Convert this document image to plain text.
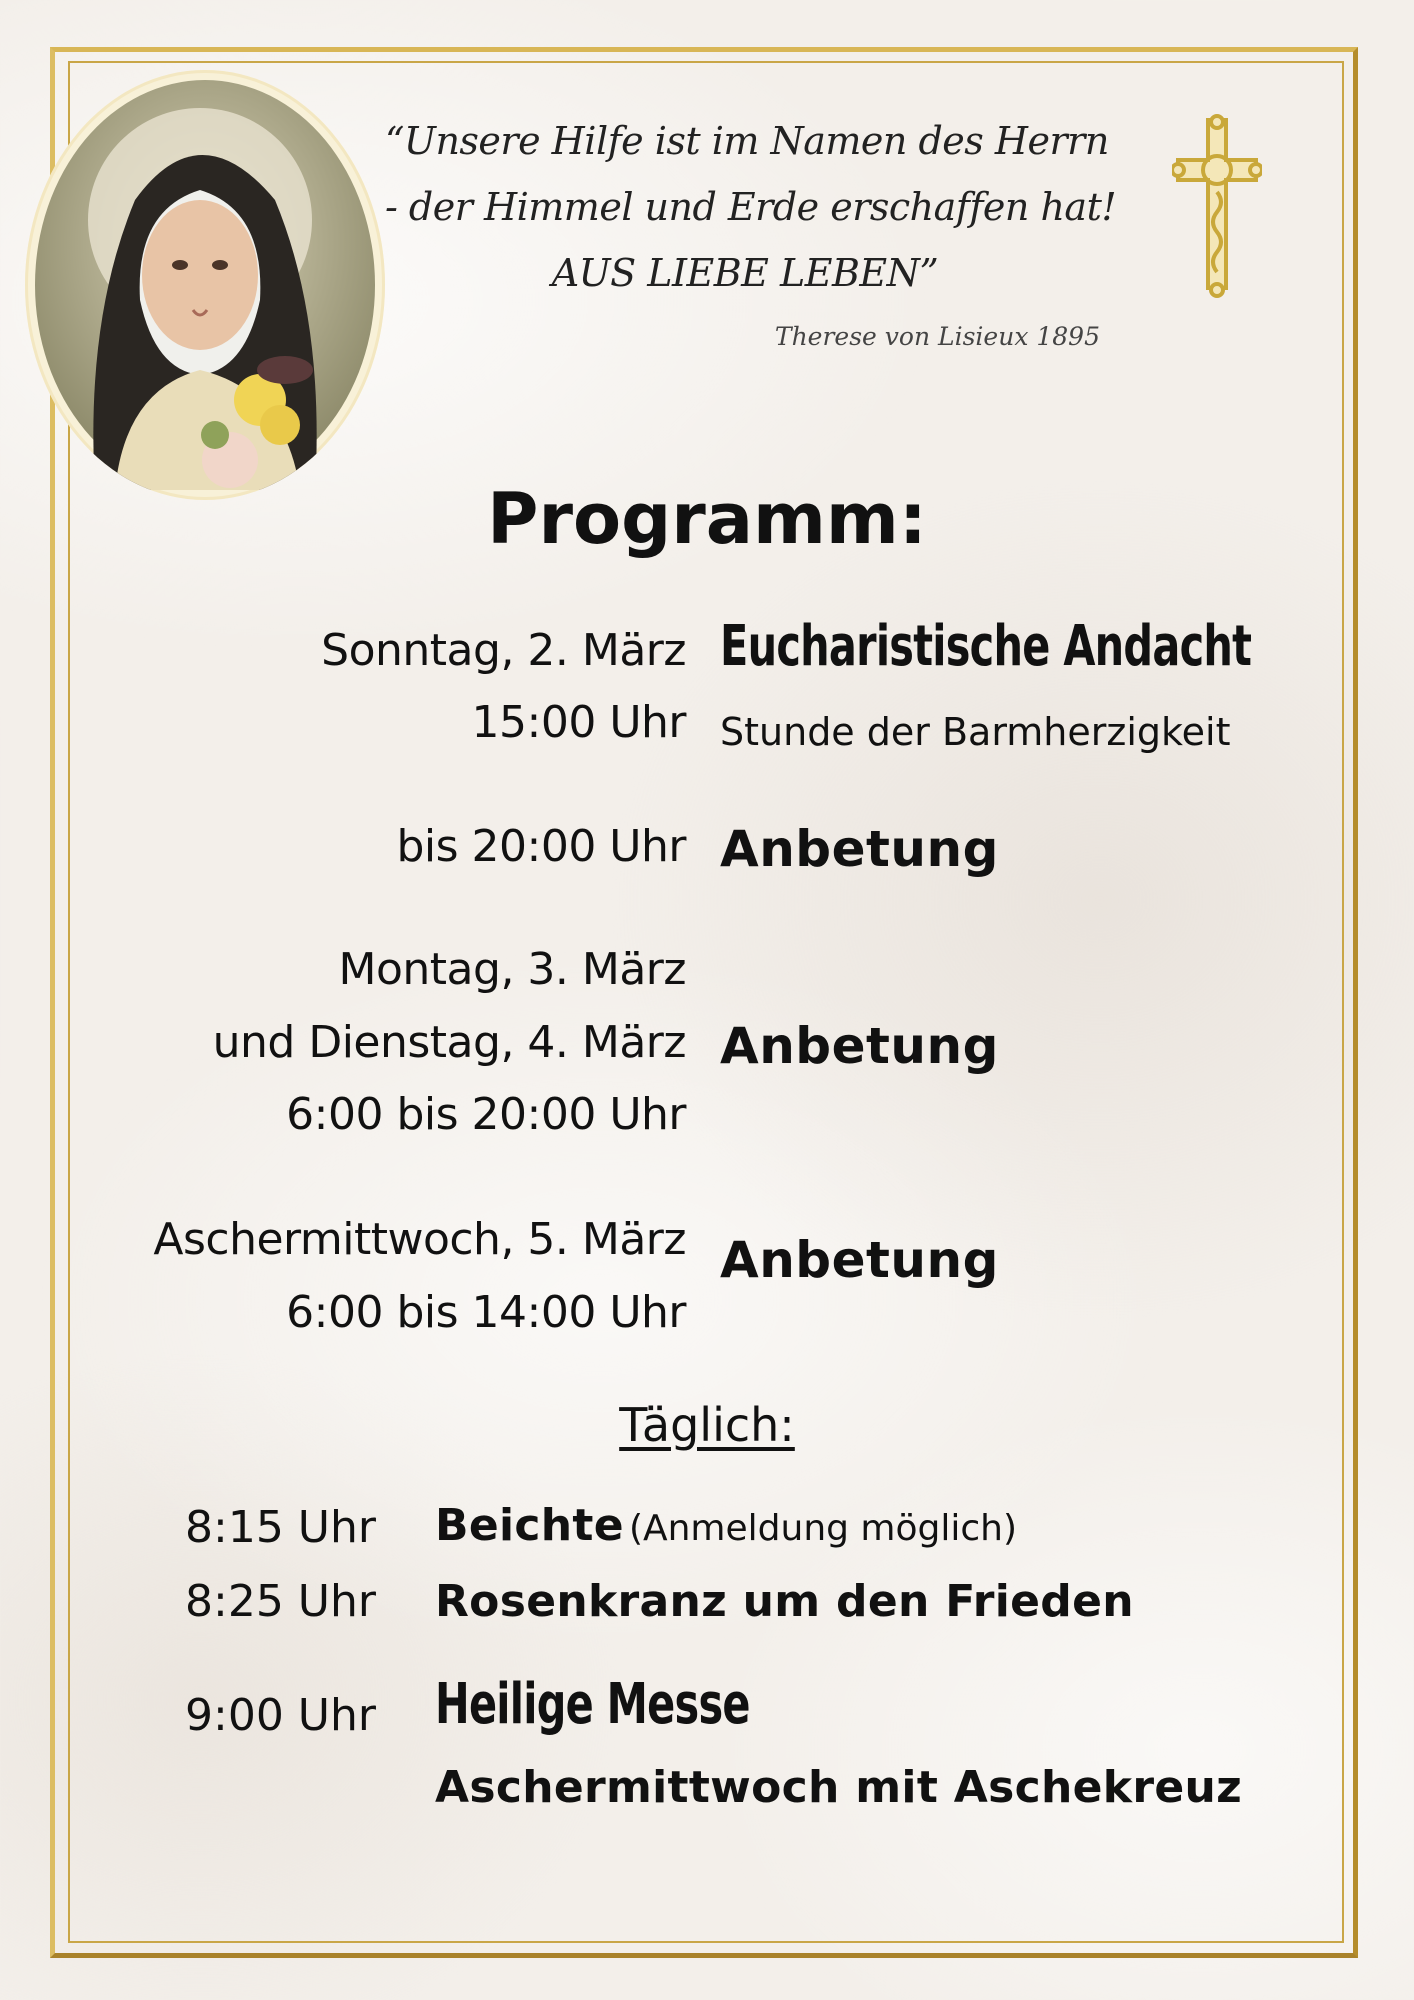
“Unsere Hilfe ist im Namen des Herrn
- der Himmel und Erde erschaffen hat!
AUS LIEBE LEBEN”
Therese von Lisieux 1895
Programm:
Sonntag, 2. März
15:00 Uhr
Eucharistische Andacht
Stunde der Barmherzigkeit
bis 20:00 Uhr Anbetung
Montag, 3. März
und Dienstag, 4. März
6:00 bis 20:00 Uhr
Anbetung
Aschermittwoch, 5. März
6:00 bis 14:00 Uhr
Anbetung
Täglich:
8:15 Uhr Beichte (Anmeldung möglich)
8:25 Uhr Rosenkranz um den Frieden
9:00 Uhr Heilige Messe
Aschermittwoch mit Aschekreuz
